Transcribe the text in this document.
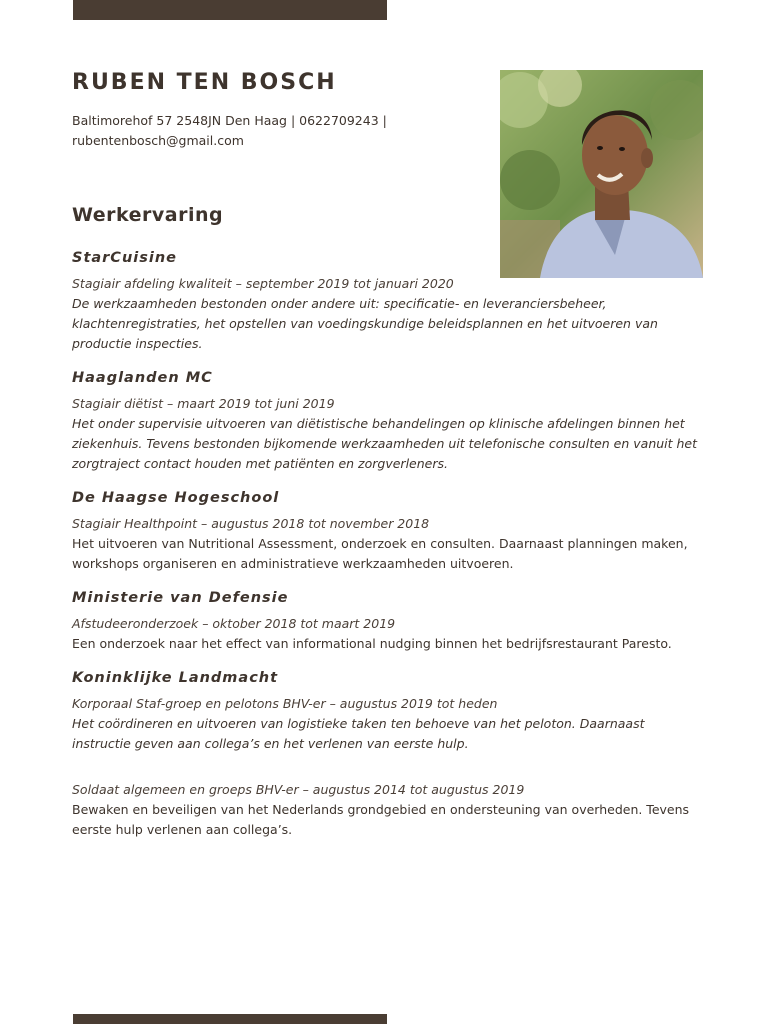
RUBEN TEN BOSCH
Baltimorehof 57 2548JN Den Haag | 0622709243 |
rubentenbosch@gmail.com
Werkervaring
StarCuisine
Stagiair afdeling kwaliteit – september 2019 tot januari 2020

De werkzaamheden bestonden onder andere uit: specificatie- en leveranciersbeheer, klachtenregistraties, het opstellen van voedingskundige beleidsplannen en het uitvoeren van productie inspecties.

Haaglanden MC
Stagiair diëtist – maart 2019 tot juni 2019

Het onder supervisie uitvoeren van diëtistische behandelingen op klinische afdelingen binnen het ziekenhuis. Tevens bestonden bijkomende werkzaamheden uit telefonische consulten en vanuit het zorgtraject contact houden met patiënten en zorgverleners.

De Haagse Hogeschool
Stagiair Healthpoint – augustus 2018 tot november 2018

Het uitvoeren van Nutritional Assessment, onderzoek en consulten. Daarnaast planningen maken, workshops organiseren en administratieve werkzaamheden uitvoeren.

Ministerie van Defensie
Afstudeeronderzoek – oktober 2018 tot maart 2019

Een onderzoek naar het effect van informational nudging binnen het bedrijfsrestaurant Paresto.

Koninklijke Landmacht
Korporaal Staf-groep en pelotons BHV-er – augustus 2019 tot heden

Het coördineren en uitvoeren van logistieke taken ten behoeve van het peloton. Daarnaast instructie geven aan collega’s en het verlenen van eerste hulp.

Soldaat algemeen en groeps BHV-er – augustus 2014 tot augustus 2019

Bewaken en beveiligen van het Nederlands grondgebied en ondersteuning van overheden. Tevens eerste hulp verlenen aan collega’s.
